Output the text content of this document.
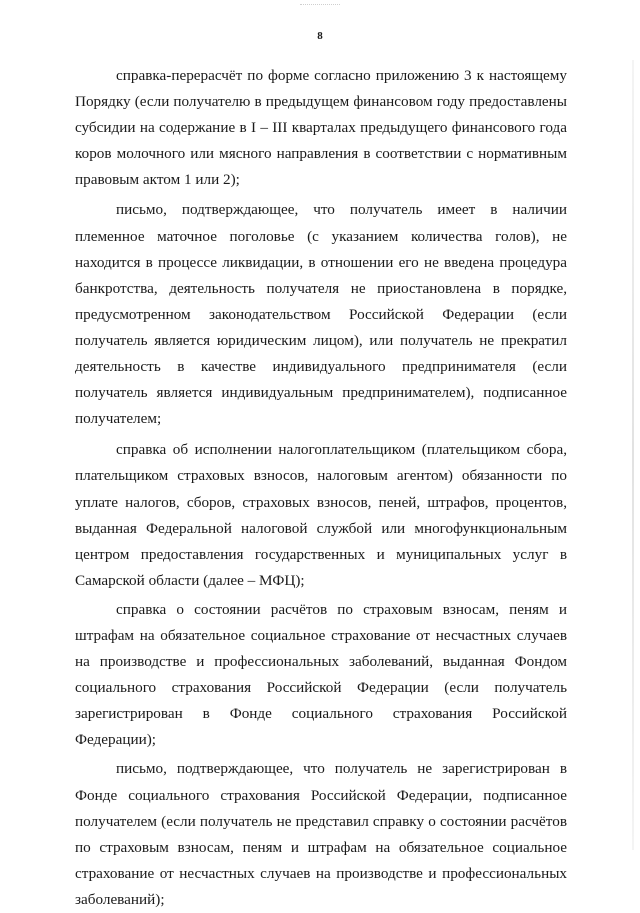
8

справка-перерасчёт по форме согласно приложению 3 к настоящему Порядку (если получателю в предыдущем финансовом году предоставлены субсидии на содержание в I – III кварталах предыдущего финансового года коров молочного или мясного направления в соответствии с нормативным правовым актом 1 или 2);

письмо, подтверждающее, что получатель имеет в наличии племенное маточное поголовье (с указанием количества голов), не находится в процессе ликвидации, в отношении его не введена процедура банкротства, деятельность получателя не приостановлена в порядке, предусмотренном законодательством Российской Федерации (если получатель является юридическим лицом), или получатель не прекратил деятельность в качестве индивидуального предпринимателя (если получатель является индивидуальным предпринимателем), подписанное получателем;

справка об исполнении налогоплательщиком (плательщиком сбора, плательщиком страховых взносов, налоговым агентом) обязанности по уплате налогов, сборов, страховых взносов, пеней, штрафов, процентов, выданная Федеральной налоговой службой или многофункциональным центром предоставления государственных и муниципальных услуг в Самарской области (далее – МФЦ);

справка о состоянии расчётов по страховым взносам, пеням и штрафам на обязательное социальное страхование от несчастных случаев на производстве и профессиональных заболеваний, выданная Фондом социального страхования Российской Федерации (если получатель зарегистрирован в Фонде социального страхования Российской Федерации);

письмо, подтверждающее, что получатель не зарегистрирован в Фонде социального страхования Российской Федерации, подписанное получателем (если получатель не представил справку о состоянии расчётов по страховым взносам, пеням и штрафам на обязательное социальное страхование от несчастных случаев на производстве и профессиональных заболеваний);
